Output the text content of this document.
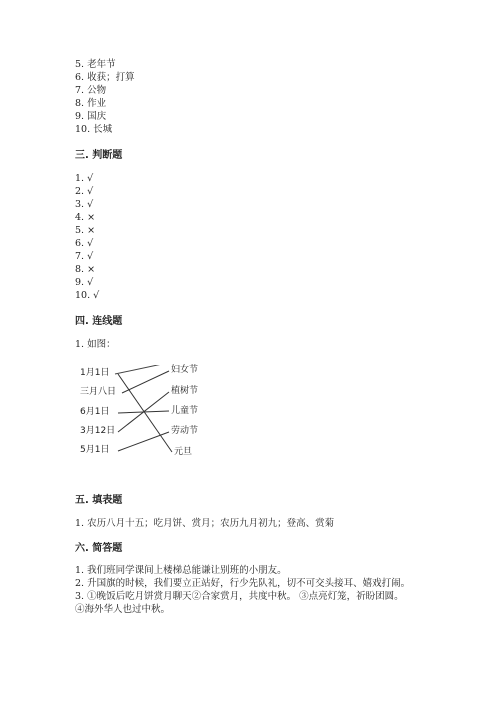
5. 老年节
6. 收获；打算
7. 公物
8. 作业
9. 国庆
10. 长城
三. 判断题
1. √
2. √
3. √
4. ×
5. ×
6. √
7. √
8. ×
9. √
10. √
四. 连线题
1. 如图：
1月1日
三月八日
6月1日
3月12日
5月1日
妇女节
植树节
儿童节
劳动节
元旦
五. 填表题
1. 农历八月十五；吃月饼、赏月；农历九月初九；登高、赏菊
六. 简答题
1. 我们班同学课间上楼梯总能谦让别班的小朋友。
2. 升国旗的时候，我们要立正站好，行少先队礼，切不可交头接耳、嬉戏打闹。
3. ①晚饭后吃月饼赏月聊天②合家赏月，共度中秋。 ③点亮灯笼，祈盼团圆。
④海外华人也过中秋。
